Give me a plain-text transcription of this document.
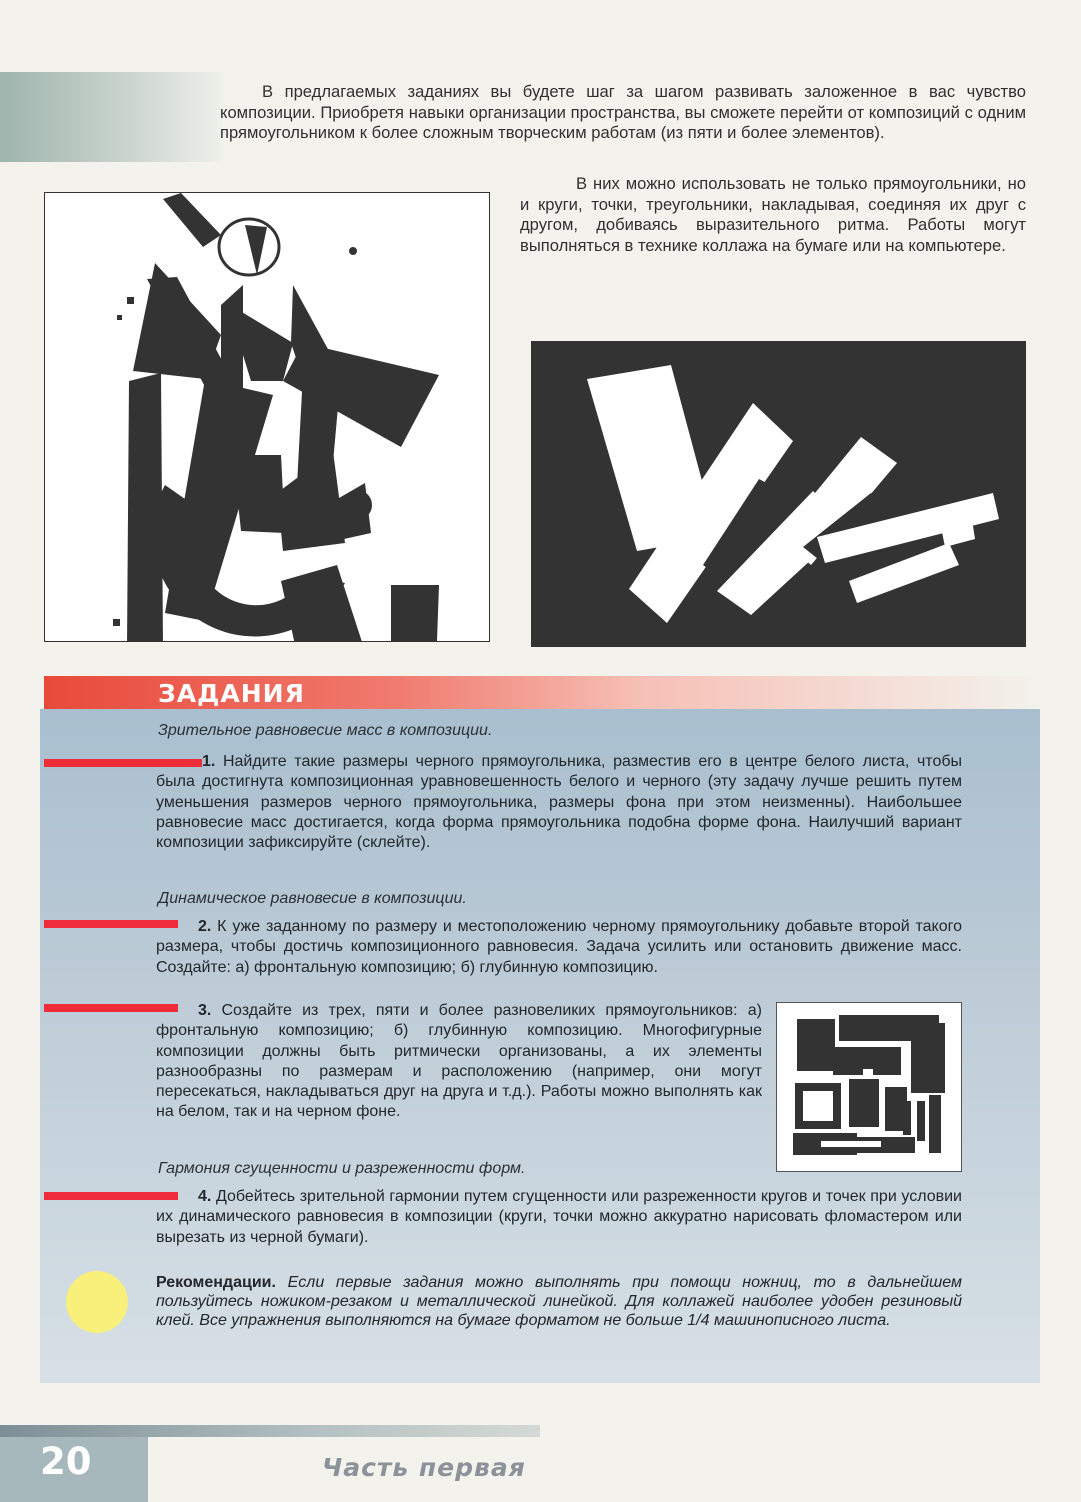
В предлагаемых заданиях вы будете шаг за шагом развивать заложенное в вас чувство композиции. Приобретя навыки организации пространства, вы сможете перейти от композиций с одним прямоугольником к более сложным творческим работам (из пяти и более элементов).

В них можно использовать не только прямоугольники, но и круги, точки, треугольники, накладывая, соединяя их друг с другом, добиваясь выразительного ритма. Работы могут выполняться в технике коллажа на бумаге или на компьютере.

ЗАДАНИЯ

Зрительное равновесие масс в композиции.

1. Найдите такие размеры черного прямоугольника, разместив его в центре белого листа, чтобы была достигнута композиционная уравновешенность белого и черного (эту задачу лучше решить путем уменьшения размеров черного прямоугольника, размеры фона при этом неизменны). Наибольшее равновесие масс достигается, когда форма прямоугольника подобна форме фона. Наилучший вариант композиции зафиксируйте (склейте).

Динамическое равновесие в композиции.

2. К уже заданному по размеру и местоположению черному прямоугольнику добавьте второй такого размера, чтобы достичь композиционного равновесия. Задача усилить или остановить движение масс. Создайте: а) фронтальную композицию; б) глубинную композицию.

3. Создайте из трех, пяти и более разновеликих прямоугольников: а) фронтальную композицию; б) глубинную композицию. Многофигурные композиции должны быть ритмически организованы, а их элементы разнообразны по размерам и расположению (например, они могут пересекаться, накладываться друг на друга и т.д.). Работы можно выполнять как на белом, так и на черном фоне.

Гармония сгущенности и разреженности форм.

4. Добейтесь зрительной гармонии путем сгущенности или разреженности кругов и точек при условии их динамического равновесия в композиции (круги, точки можно аккуратно нарисовать фломастером или вырезать из черной бумаги).

Рекомендации. Если первые задания можно выполнять при помощи ножниц, то в дальнейшем пользуйтесь ножиком-резаком и металлической линейкой. Для коллажей наиболее удобен резиновый клей. Все упражнения выполняются на бумаге форматом не больше 1/4 машинописного листа.

20	Часть первая
